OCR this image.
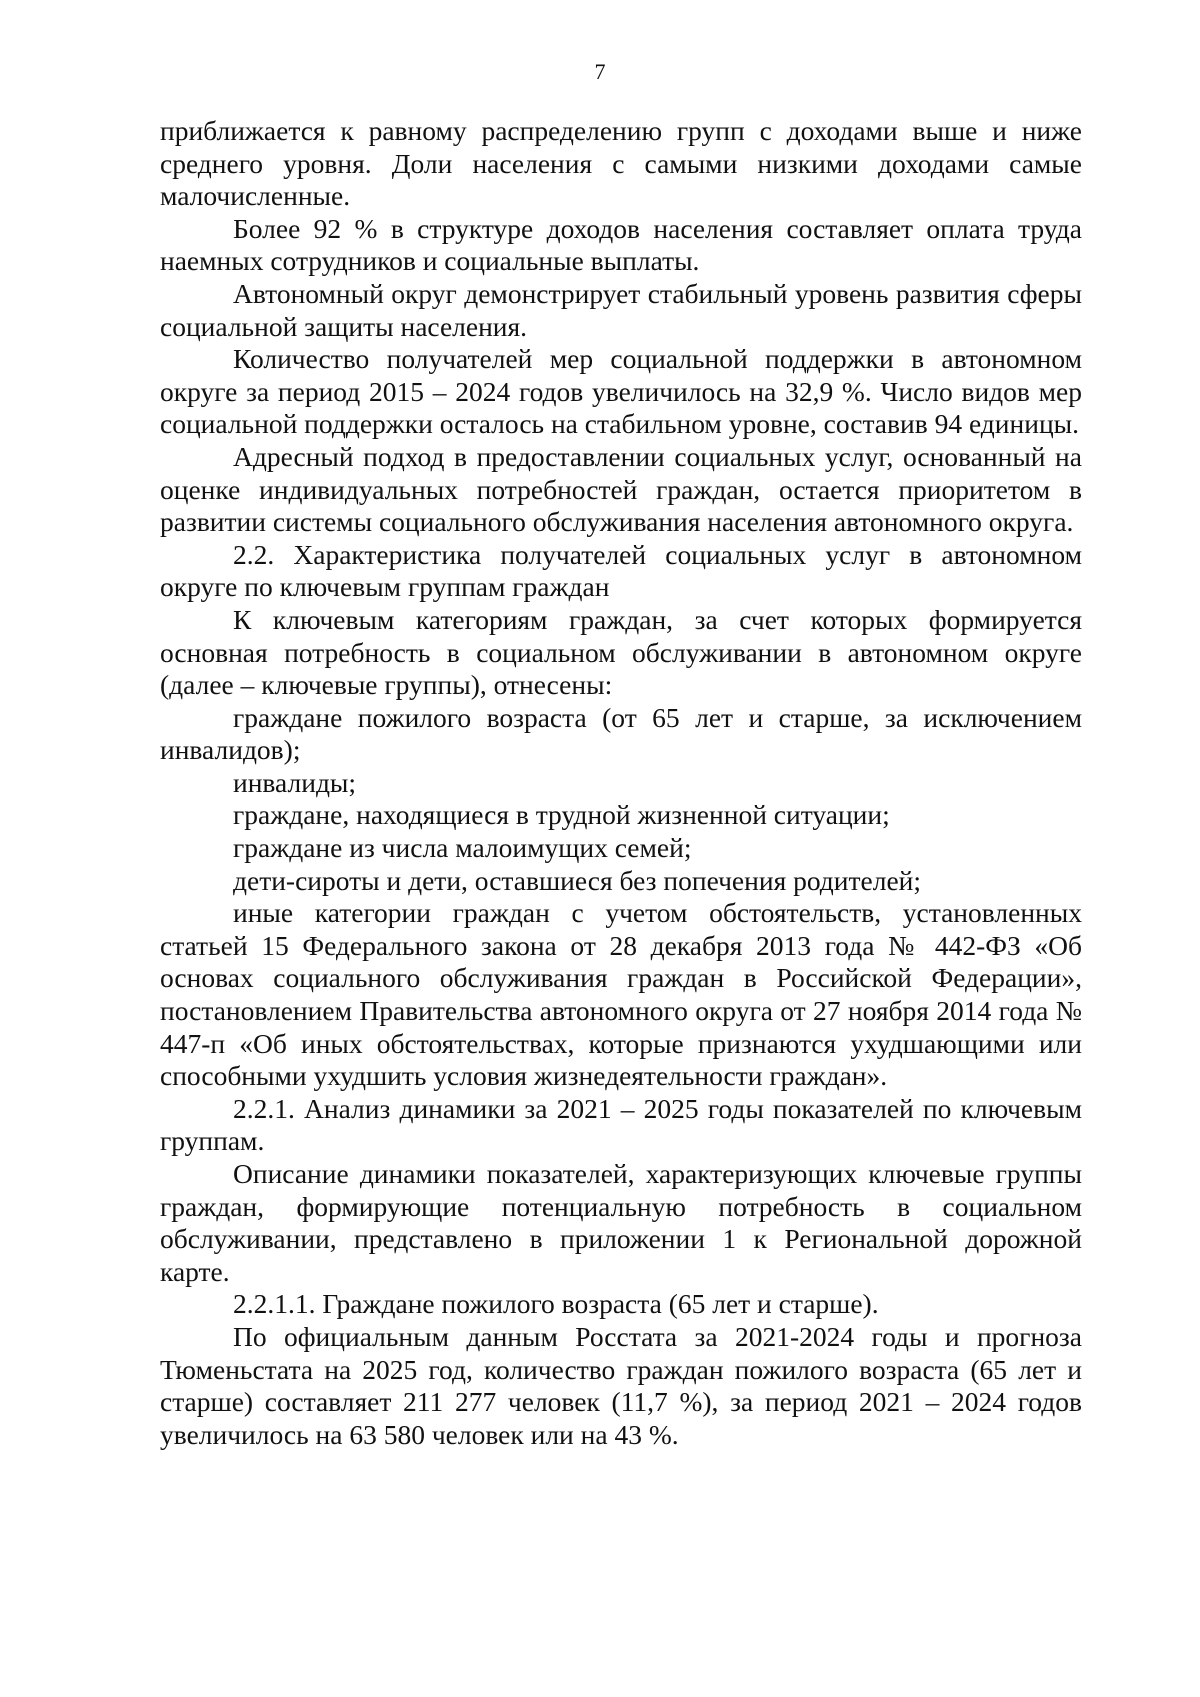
7

приближается к равному распределению групп с доходами выше и ниже среднего уровня. Доли населения с самыми низкими доходами самые малочисленные.

Более 92 % в структуре доходов населения составляет оплата труда наемных сотрудников и социальные выплаты.

Автономный округ демонстрирует стабильный уровень развития сферы социальной защиты населения.

Количество получателей мер социальной поддержки в автономном округе за период 2015 – 2024 годов увеличилось на 32,9 %. Число видов мер социальной поддержки осталось на стабильном уровне, составив 94 единицы.

Адресный подход в предоставлении социальных услуг, основанный на оценке индивидуальных потребностей граждан, остается приоритетом в развитии системы социального обслуживания населения автономного округа.

2.2. Характеристика получателей социальных услуг в автономном округе по ключевым группам граждан

К ключевым категориям граждан, за счет которых формируется основная потребность в социальном обслуживании в автономном округе (далее – ключевые группы), отнесены:

граждане пожилого возраста (от 65 лет и старше, за исключением инвалидов);

инвалиды;

граждане, находящиеся в трудной жизненной ситуации;

граждане из числа малоимущих семей;

дети-сироты и дети, оставшиеся без попечения родителей;

иные категории граждан с учетом обстоятельств, установленных статьей 15 Федерального закона от 28 декабря 2013 года № 442-ФЗ «Об основах социального обслуживания граждан в Российской Федерации», постановлением Правительства автономного округа от 27 ноября 2014 года № 447-п «Об иных обстоятельствах, которые признаются ухудшающими или способными ухудшить условия жизнедеятельности граждан».

2.2.1. Анализ динамики за 2021 – 2025 годы показателей по ключевым группам.

Описание динамики показателей, характеризующих ключевые группы граждан, формирующие потенциальную потребность в социальном обслуживании, представлено в приложении 1 к Региональной дорожной карте.

2.2.1.1. Граждане пожилого возраста (65 лет и старше).

По официальным данным Росстата за 2021-2024 годы и прогноза Тюменьстата на 2025 год, количество граждан пожилого возраста (65 лет и старше) составляет 211 277 человек (11,7 %), за период 2021 – 2024 годов увеличилось на 63 580 человек или на 43 %.
